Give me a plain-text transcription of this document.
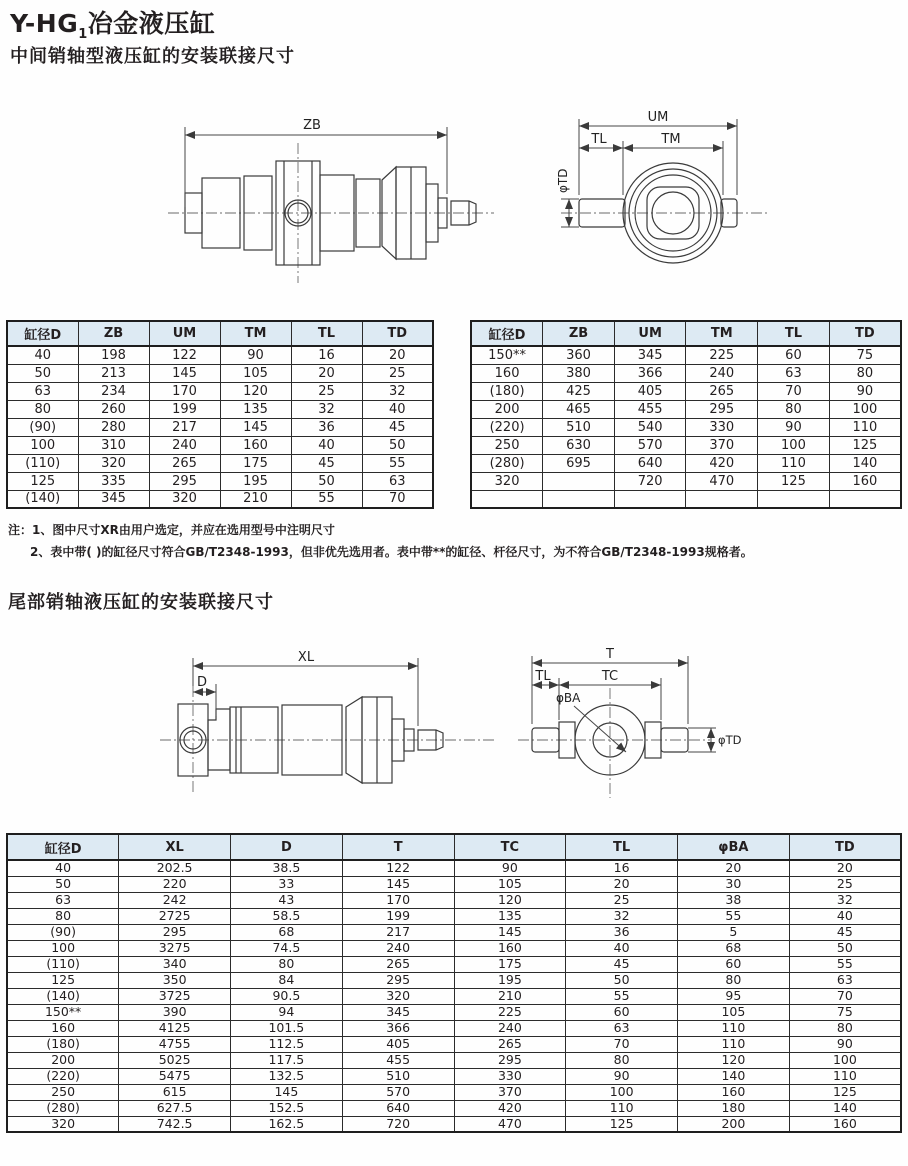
$Y-HG_1$冶金液压缸
中间销轴型液压缸的安装联接尺寸
ZB
UM
TL	TM
φTD
缸径D	ZB	UM	TM	TL	TD
40	198	122	90	16	20
50	213	145	105	20	25
63	234	170	120	25	32
80	260	199	135	32	40
(90)	280	217	145	36	45
100	310	240	160	40	50
(110)	320	265	175	45	55
125	335	295	195	50	63
(140)	345	320	210	55	70
缸径D	ZB	UM	TM	TL	TD
150**	360	345	225	60	75
160	380	366	240	63	80
(180)	425	405	265	70	90
200	465	455	295	80	100
(220)	510	540	330	90	110
250	630	570	370	100	125
(280)	695	640	420	110	140
320		720	470	125	160

注：1、图中尺寸XR由用户选定，并应在选用型号中注明尺寸
2、表中带( )的缸径尺寸符合GB/T2348-1993，但非优先选用者。表中带**的缸径、杆径尺寸，为不符合GB/T2348-1993规格者。
尾部销轴液压缸的安装联接尺寸
XL
D
T
TL	TC
φBA
φTD
缸径D	XL	D	T	TC	TL	φBA	TD
40	202.5	38.5	122	90	16	20	20
50	220	33	145	105	20	30	25
63	242	43	170	120	25	38	32
80	2725	58.5	199	135	32	55	40
(90)	295	68	217	145	36	5	45
100	3275	74.5	240	160	40	68	50
(110)	340	80	265	175	45	60	55
125	350	84	295	195	50	80	63
(140)	3725	90.5	320	210	55	95	70
150**	390	94	345	225	60	105	75
160	4125	101.5	366	240	63	110	80
(180)	4755	112.5	405	265	70	110	90
200	5025	117.5	455	295	80	120	100
(220)	5475	132.5	510	330	90	140	110
250	615	145	570	370	100	160	125
(280)	627.5	152.5	640	420	110	180	140
320	742.5	162.5	720	470	125	200	160
